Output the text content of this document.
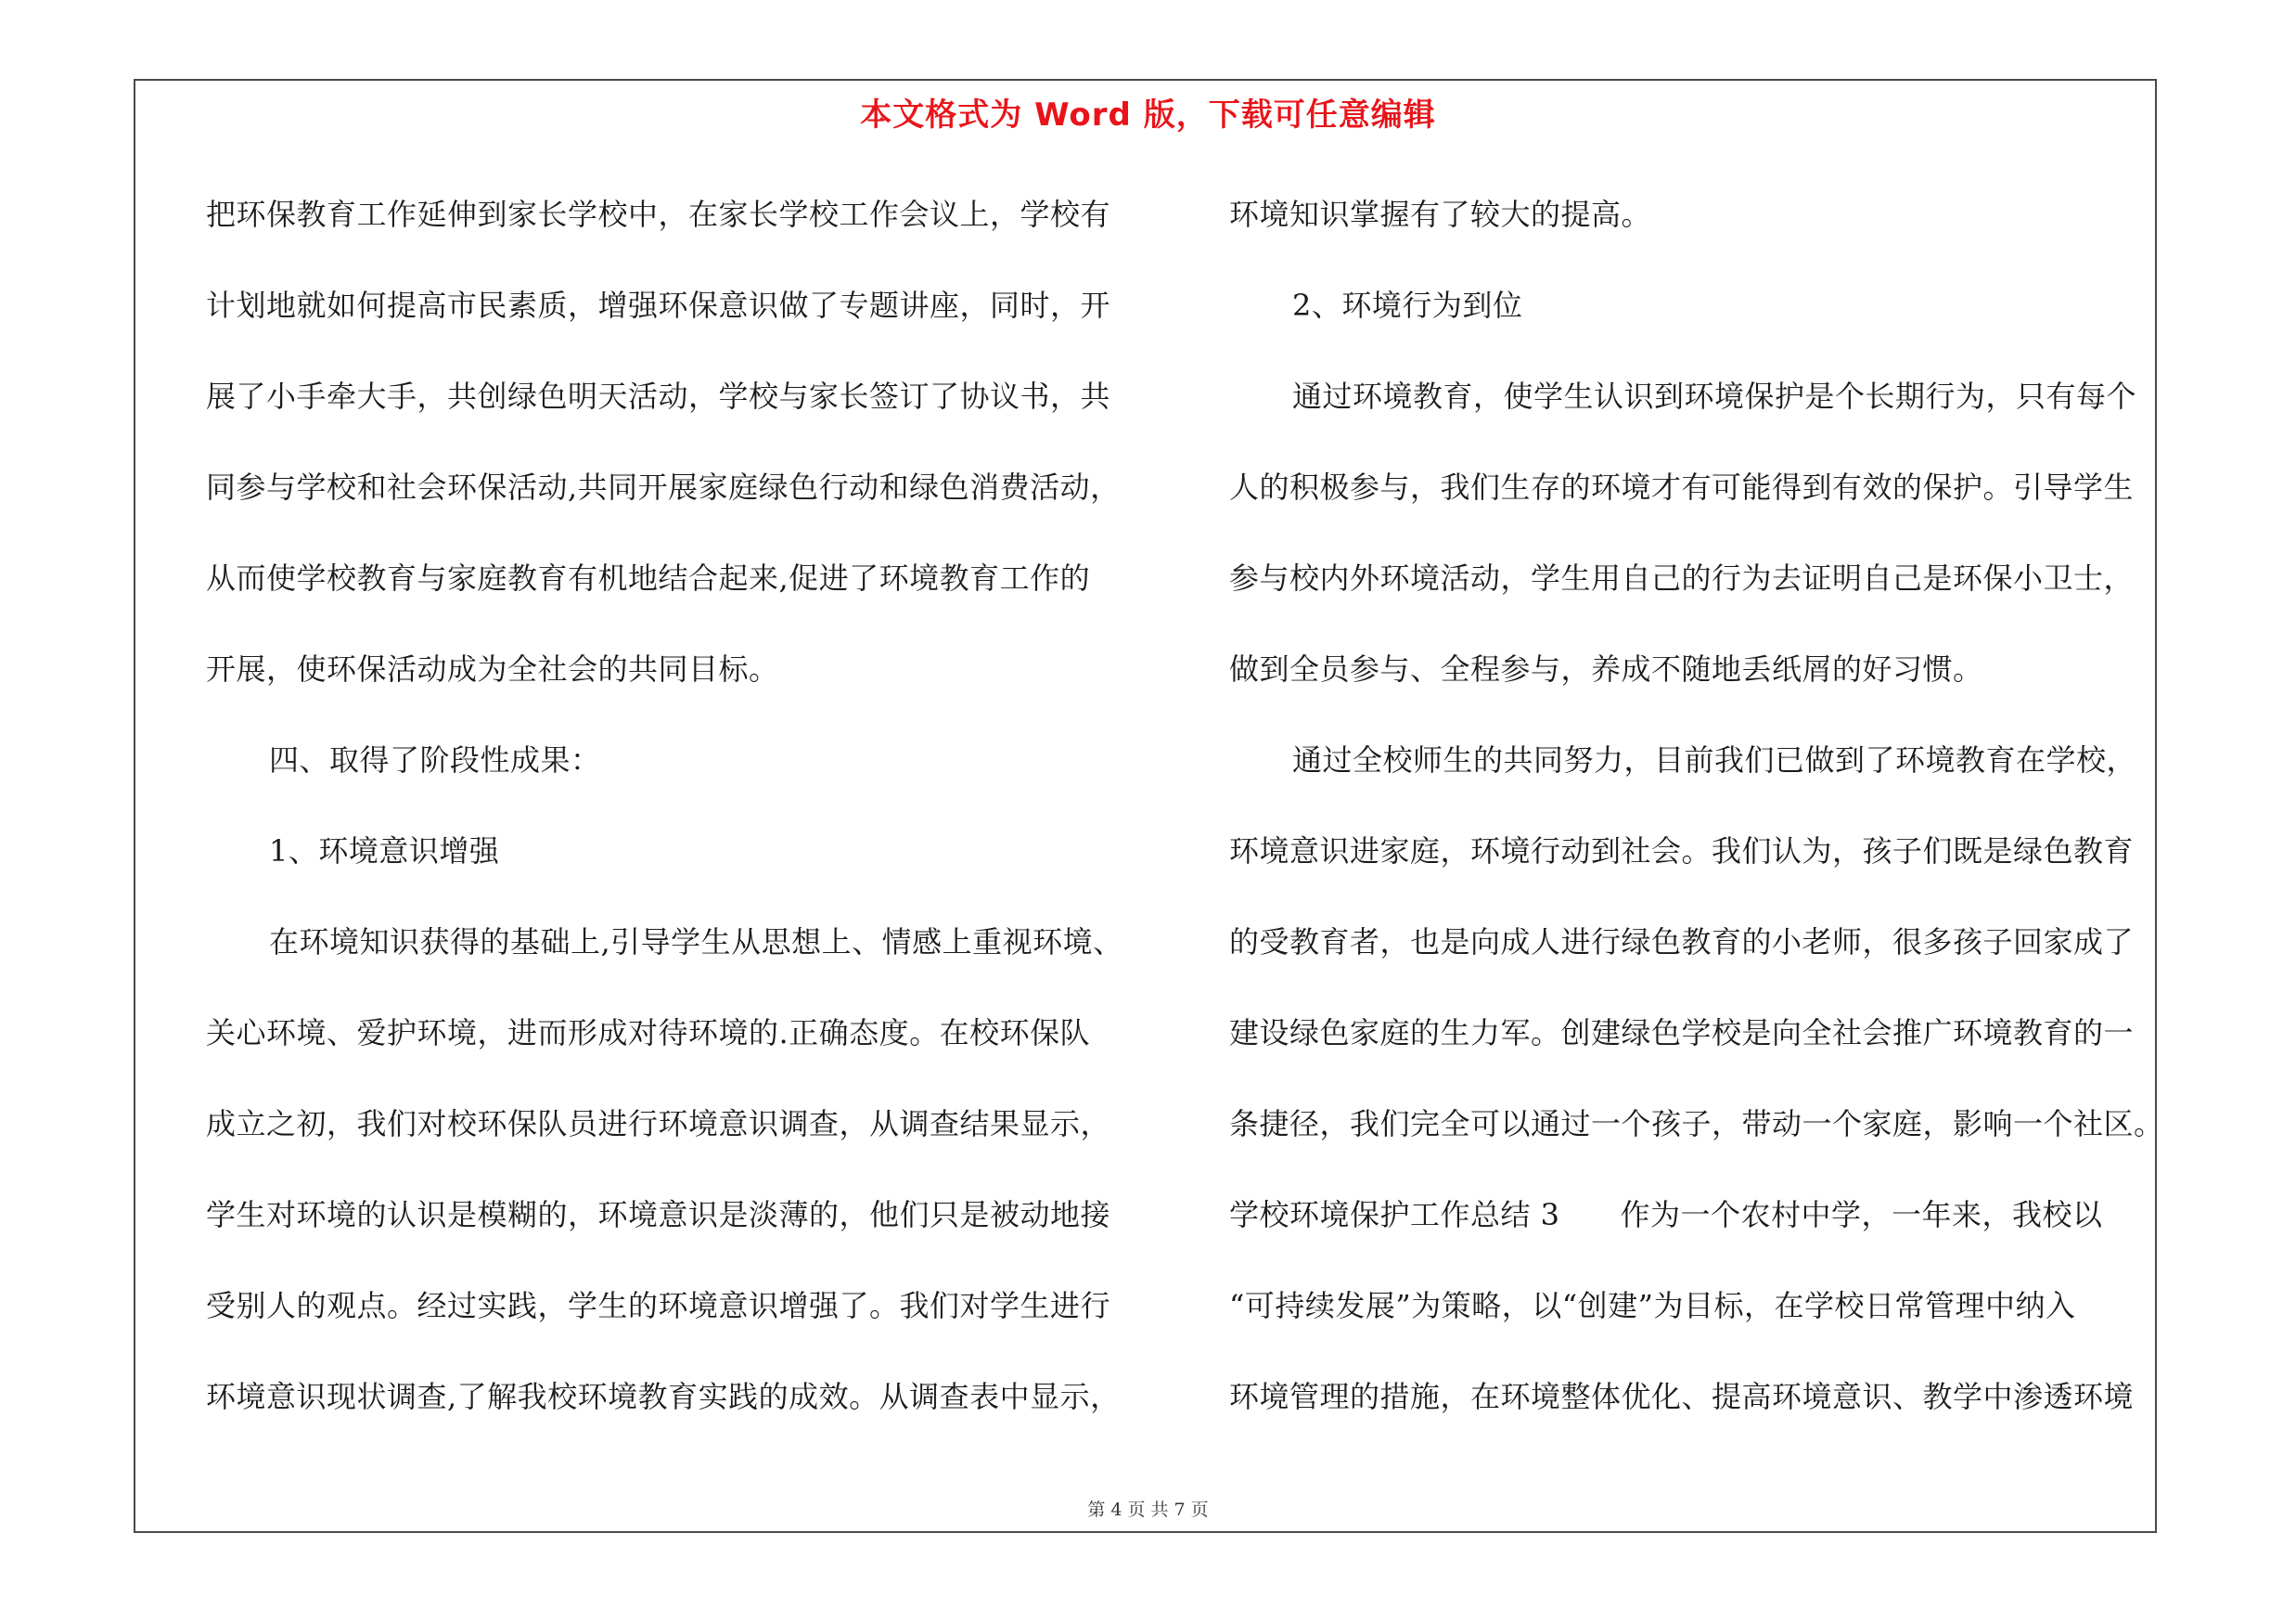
本文格式为 Word 版，下载可任意编辑
把环保教育工作延伸到家长学校中，在家长学校工作会议上，学校有
计划地就如何提高市民素质，增强环保意识做了专题讲座，同时，开
展了小手牵大手，共创绿色明天活动，学校与家长签订了协议书，共
同参与学校和社会环保活动,共同开展家庭绿色行动和绿色消费活动，
从而使学校教育与家庭教育有机地结合起来,促进了环境教育工作的
开展，使环保活动成为全社会的共同目标。
四、取得了阶段性成果：
1、环境意识增强
在环境知识获得的基础上,引导学生从思想上、情感上重视环境、
关心环境、爱护环境，进而形成对待环境的.正确态度。在校环保队
成立之初，我们对校环保队员进行环境意识调查，从调查结果显示，
学生对环境的认识是模糊的，环境意识是淡薄的，他们只是被动地接
受别人的观点。经过实践，学生的环境意识增强了。我们对学生进行
环境意识现状调查,了解我校环境教育实践的成效。从调查表中显示，
环境知识掌握有了较大的提高。
2、环境行为到位
通过环境教育，使学生认识到环境保护是个长期行为，只有每个
人的积极参与，我们生存的环境才有可能得到有效的保护。引导学生
参与校内外环境活动，学生用自己的行为去证明自己是环保小卫士，
做到全员参与、全程参与，养成不随地丢纸屑的好习惯。
通过全校师生的共同努力，目前我们已做到了环境教育在学校，
环境意识进家庭，环境行动到社会。我们认为，孩子们既是绿色教育
的受教育者，也是向成人进行绿色教育的小老师，很多孩子回家成了
建设绿色家庭的生力军。创建绿色学校是向全社会推广环境教育的一
条捷径，我们完全可以通过一个孩子，带动一个家庭，影响一个社区。
学校环境保护工作总结 3　　作为一个农村中学，一年来，我校以
“可持续发展”为策略，以“创建”为目标，在学校日常管理中纳入
环境管理的措施，在环境整体优化、提高环境意识、教学中渗透环境
第 4 页 共 7 页
